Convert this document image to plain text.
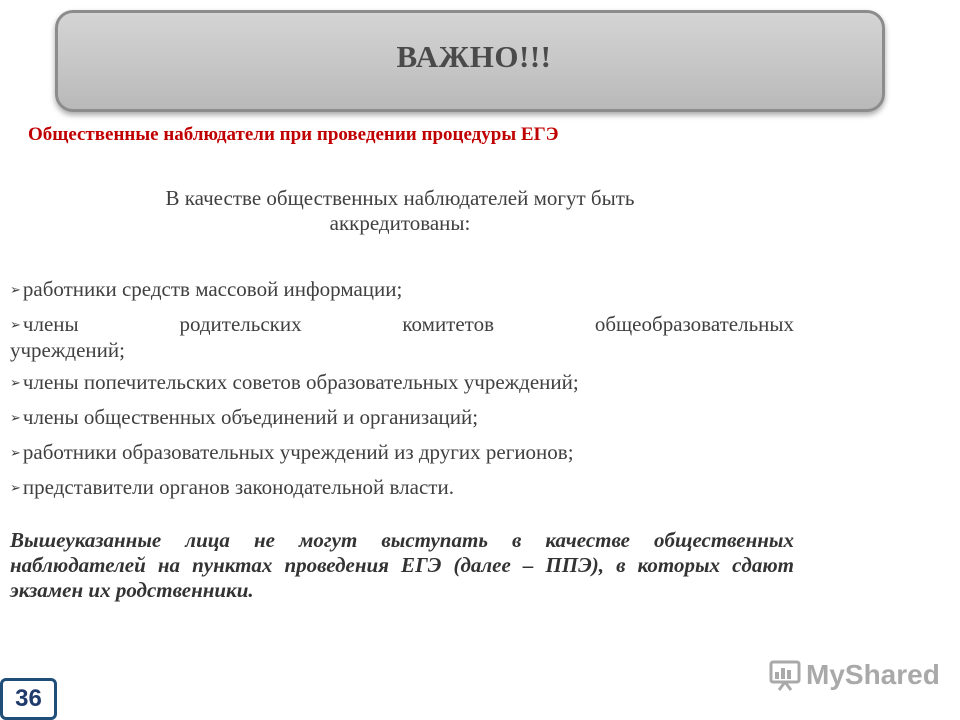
ВАЖНО!!!
Общественные наблюдатели при проведении процедуры ЕГЭ
В качестве общественных наблюдателей могут быть
аккредитованы:
➢работники средств массовой информации;
➢члены родительских комитетов общеобразовательных
учреждений;
➢члены попечительских советов образовательных учреждений;
➢члены общественных объединений и организаций;
➢работники образовательных учреждений из других регионов;
➢представители органов законодательной власти.
Вышеуказанные лица не могут выступать в качестве общественных наблюдателей на пунктах проведения ЕГЭ (далее – ППЭ), в которых сдают экзамен их родственники.
36
MyShared
